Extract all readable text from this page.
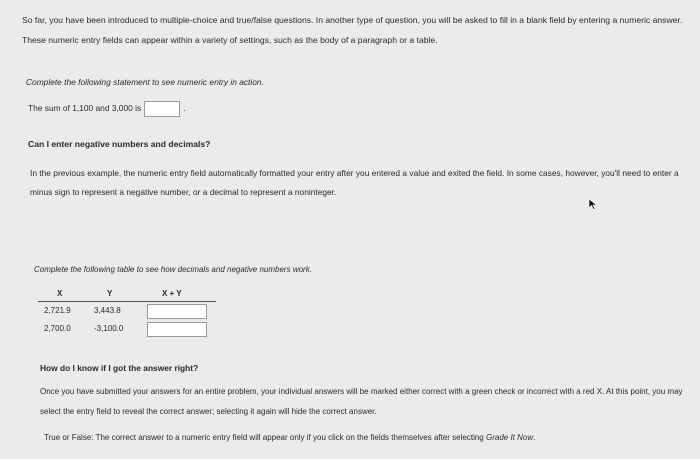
So far, you have been introduced to multiple-choice and true/false questions. In another type of question, you will be asked to fill in a blank field by entering a numeric answer. These numeric entry fields can appear within a variety of settings, such as the body of a paragraph or a table.
Complete the following statement to see numeric entry in action.
The sum of 1,100 and 3,000 is	.
Can I enter negative numbers and decimals?
In the previous example, the numeric entry field automatically formatted your entry after you entered a value and exited the field. In some cases, however, you'll need to enter a minus sign to represent a negative number, or a decimal to represent a noninteger.
Complete the following table to see how decimals and negative numbers work.
X	Y	X + Y
2,721.9	3,443.8
2,700.0	-3,100.0
How do I know if I got the answer right?
Once you have submitted your answers for an entire problem, your individual answers will be marked either correct with a green check or incorrect with a red X. At this point, you may select the entry field to reveal the correct answer; selecting it again will hide the correct answer.
True or False: The correct answer to a numeric entry field will appear only if you click on the fields themselves after selecting Grade It Now.
